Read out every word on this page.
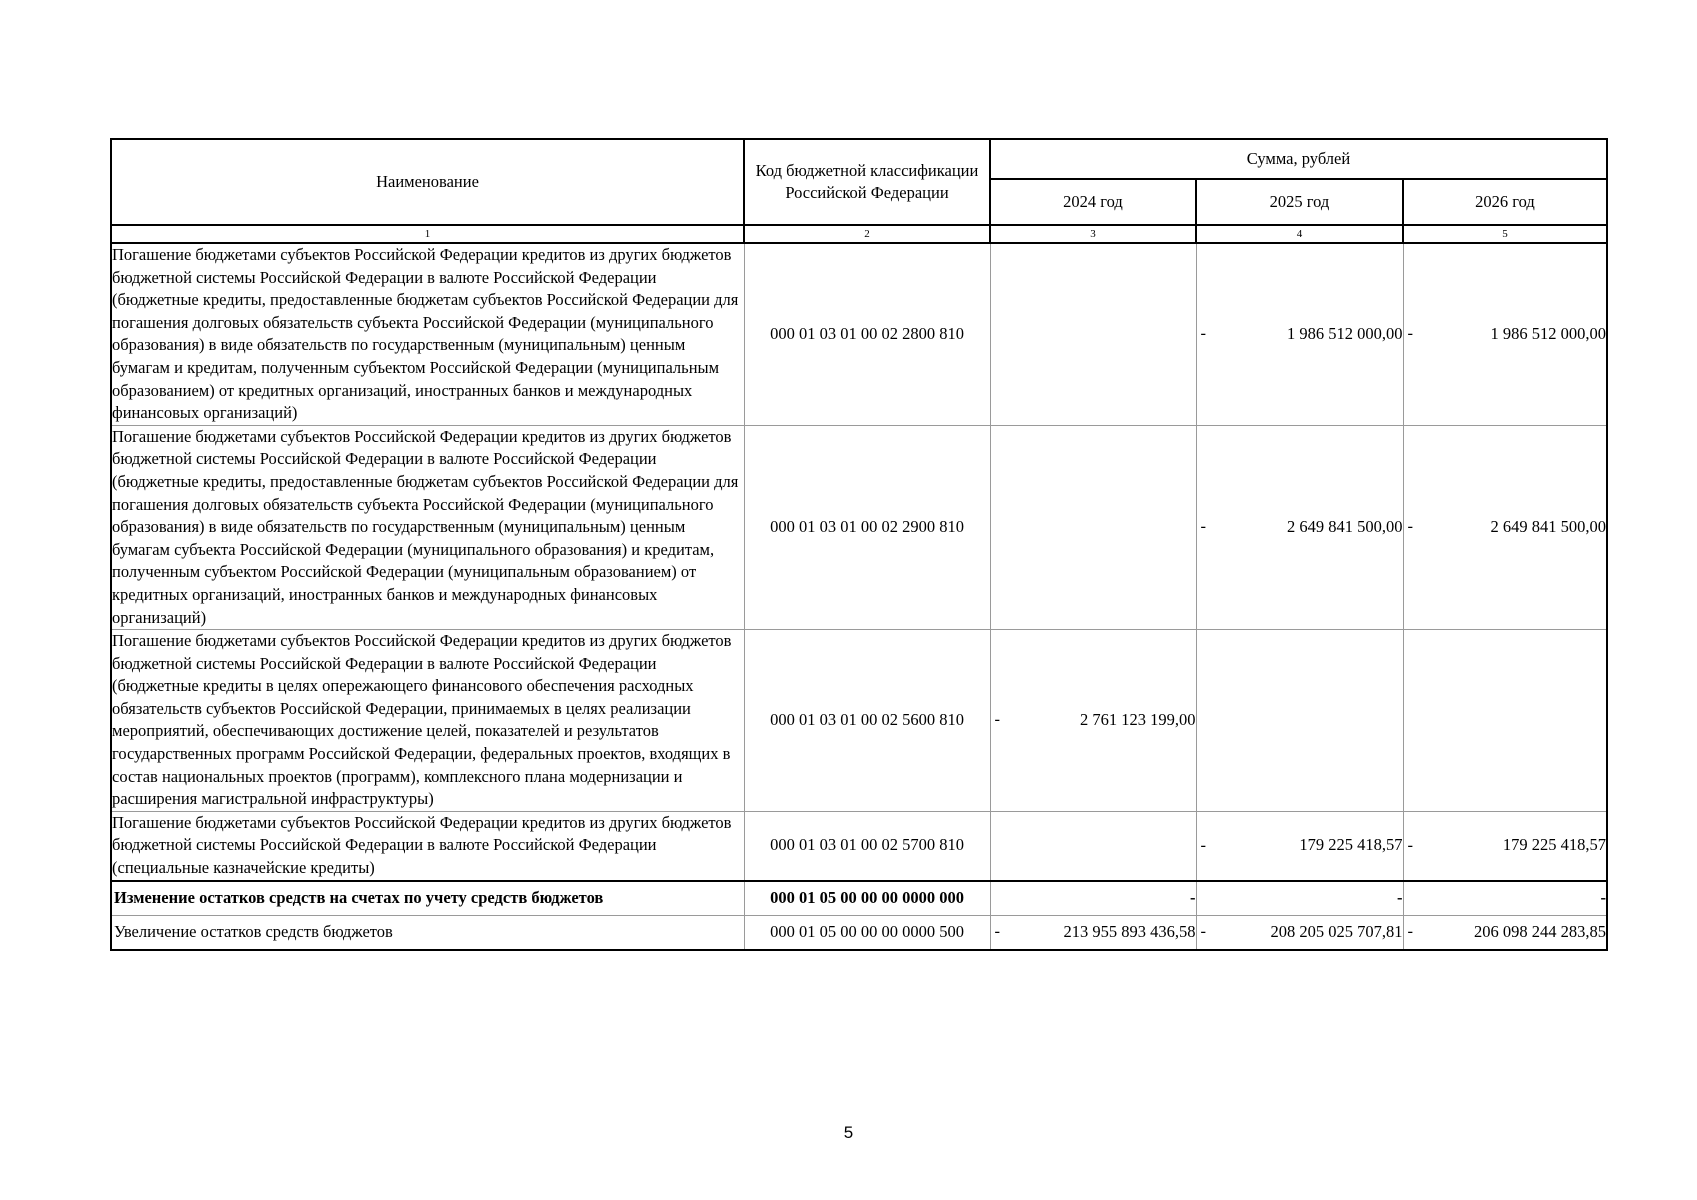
Наименование	Код бюджетной классификации Российской Федерации	Сумма, рублей		
		2024 год	2025 год	2026 год
1	2	3	4	5
Погашение бюджетами субъектов Российской Федерации кредитов из других бюджетов бюджетной системы Российской Федерации в валюте Российской Федерации (бюджетные кредиты, предоставленные бюджетам субъектов Российской Федерации для погашения долговых обязательств субъекта Российской Федерации (муниципального образования) в виде обязательств по государственным (муниципальным) ценным бумагам и кредитам, полученным субъектом Российской Федерации (муниципальным образованием) от кредитных организаций, иностранных банков и международных финансовых организаций)	000 01 03 01 00 02 2800 810		- 1 986 512 000,00	- 1 986 512 000,00
Погашение бюджетами субъектов Российской Федерации кредитов из других бюджетов бюджетной системы Российской Федерации в валюте Российской Федерации (бюджетные кредиты, предоставленные бюджетам субъектов Российской Федерации для погашения долговых обязательств субъекта Российской Федерации (муниципального образования) в виде обязательств по государственным (муниципальным) ценным бумагам субъекта Российской Федерации (муниципального образования) и кредитам, полученным субъектом Российской Федерации (муниципальным образованием) от кредитных организаций, иностранных банков и международных финансовых организаций)	000 01 03 01 00 02 2900 810		- 2 649 841 500,00	- 2 649 841 500,00
Погашение бюджетами субъектов Российской Федерации кредитов из других бюджетов бюджетной системы Российской Федерации в валюте Российской Федерации (бюджетные кредиты в целях опережающего финансового обеспечения расходных обязательств субъектов Российской Федерации, принимаемых в целях реализации мероприятий, обеспечивающих достижение целей, показателей и результатов государственных программ Российской Федерации, федеральных проектов, входящих в состав национальных проектов (программ), комплексного плана модернизации и расширения магистральной инфраструктуры)	000 01 03 01 00 02 5600 810	- 2 761 123 199,00		
Погашение бюджетами субъектов Российской Федерации кредитов из других бюджетов бюджетной системы Российской Федерации в валюте Российской Федерации (специальные казначейские кредиты)	000 01 03 01 00 02 5700 810		- 179 225 418,57	- 179 225 418,57
Изменение остатков средств на счетах по учету средств бюджетов	000 01 05 00 00 00 0000 000	-	-	-
Увеличение остатков средств бюджетов	000 01 05 00 00 00 0000 500	- 213 955 893 436,58	- 208 205 025 707,81	- 206 098 244 283,85
5
